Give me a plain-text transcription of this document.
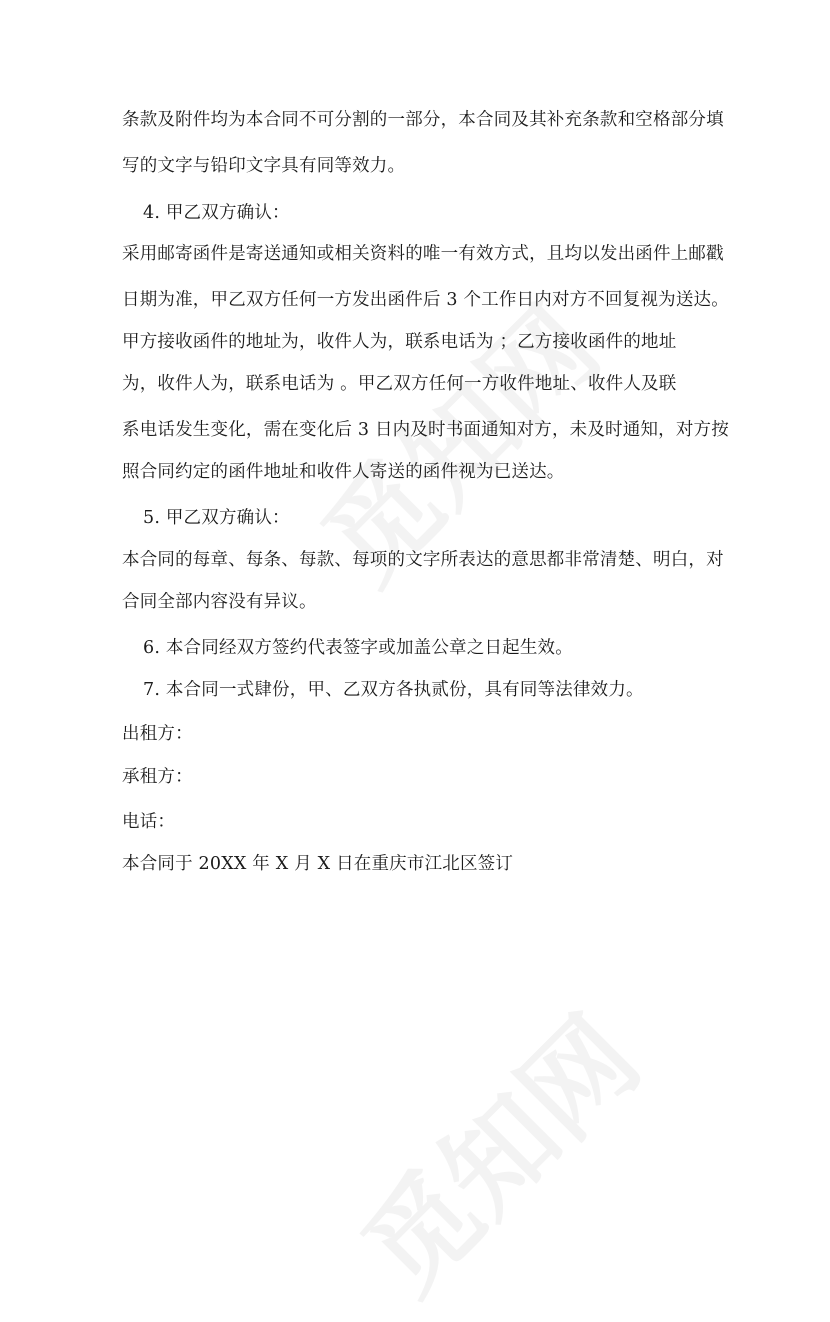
条款及附件均为本合同不可分割的一部分，本合同及其补充条款和空格部分填
写的文字与铅印文字具有同等效力。
4. 甲乙双方确认：
采用邮寄函件是寄送通知或相关资料的唯一有效方式，且均以发出函件上邮戳
日期为准，甲乙双方任何一方发出函件后 3 个工作日内对方不回复视为送达。
甲方接收函件的地址为，收件人为，联系电话为 ；乙方接收函件的地址
为，收件人为，联系电话为 。甲乙双方任何一方收件地址、收件人及联
系电话发生变化，需在变化后 3 日内及时书面通知对方，未及时通知，对方按
照合同约定的函件地址和收件人寄送的函件视为已送达。
5. 甲乙双方确认：
本合同的每章、每条、每款、每项的文字所表达的意思都非常清楚、明白，对
合同全部内容没有异议。
6. 本合同经双方签约代表签字或加盖公章之日起生效。
7. 本合同一式肆份，甲、乙双方各执贰份，具有同等法律效力。
出租方：
承租方：
电话：
本合同于 20XX 年 X 月 X 日在重庆市江北区签订
